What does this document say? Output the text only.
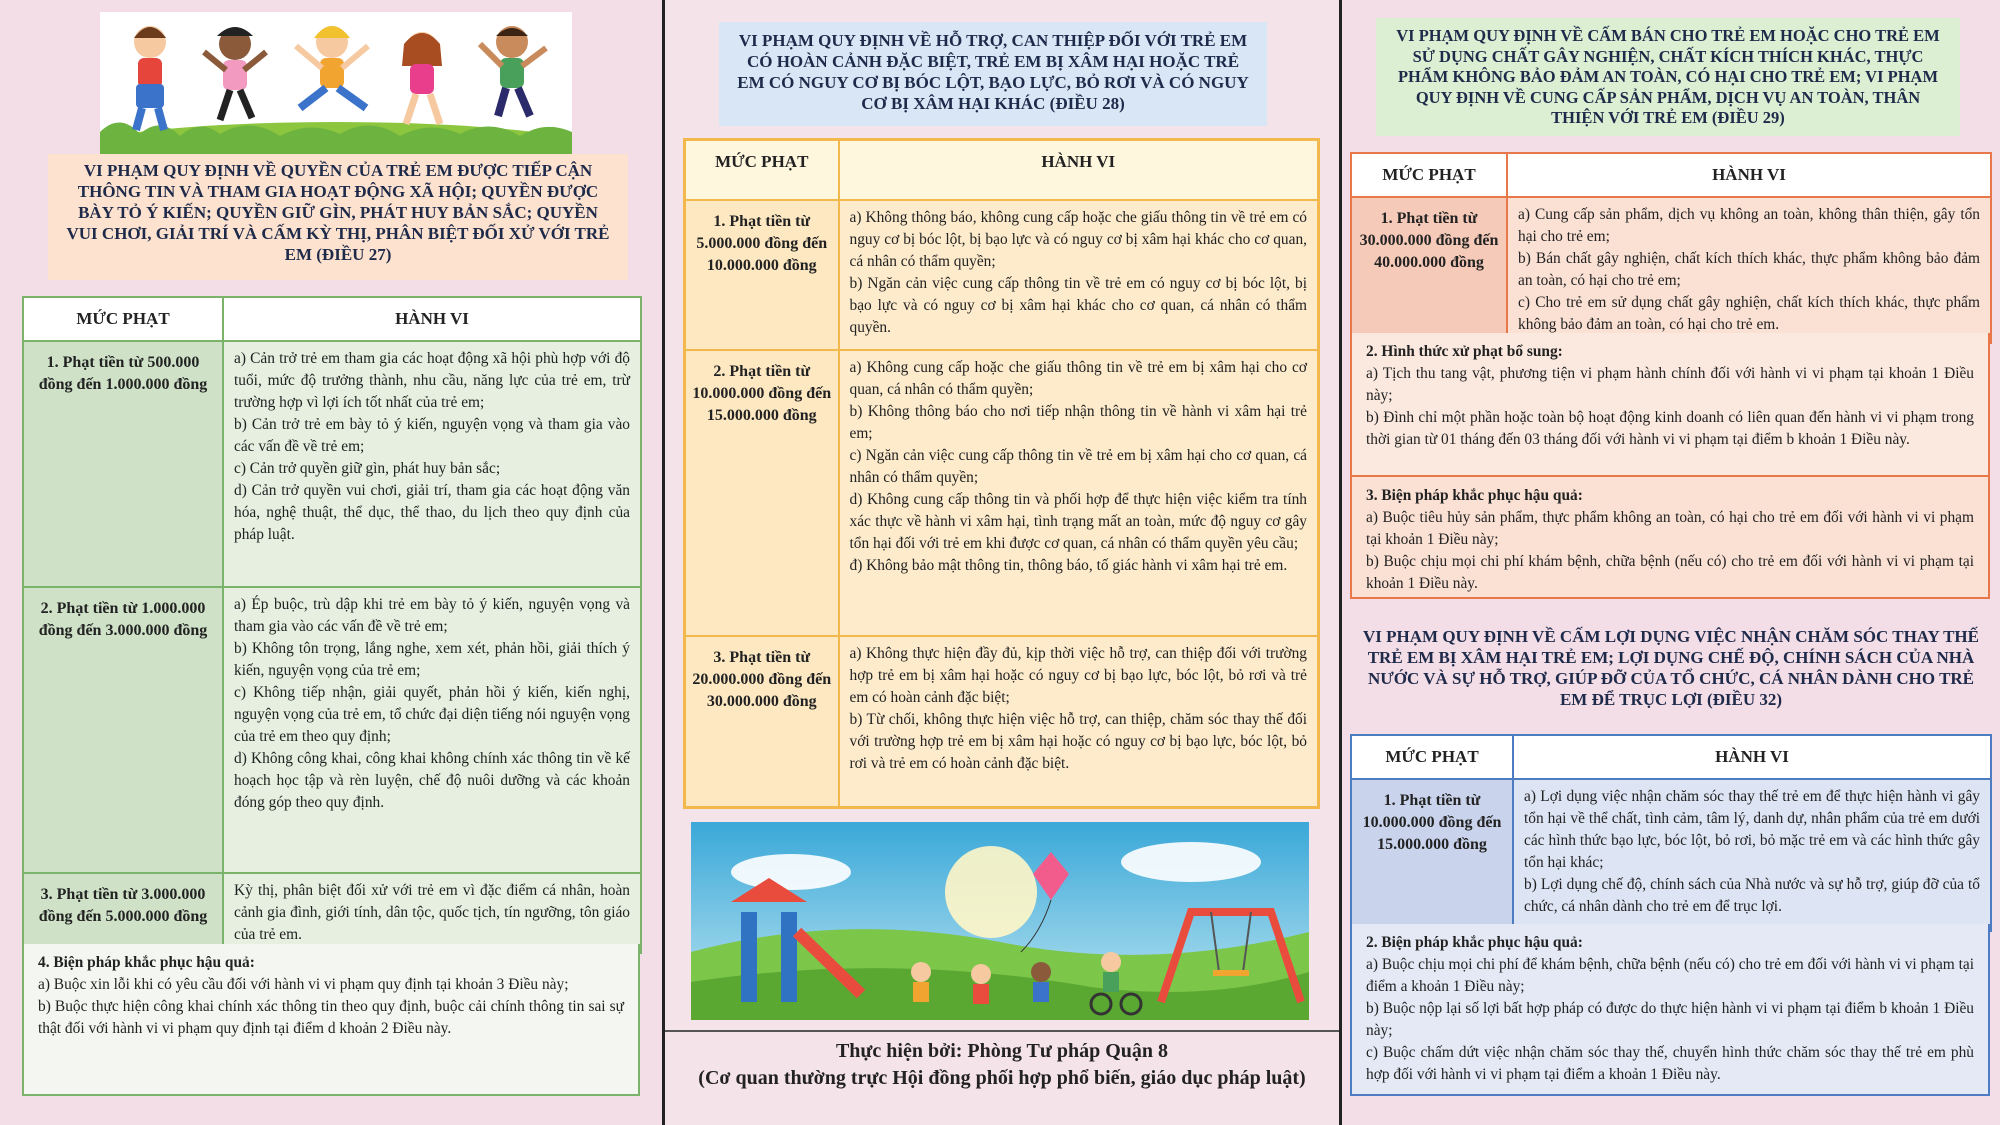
VI PHẠM QUY ĐỊNH VỀ QUYỀN CỦA TRẺ EM ĐƯỢC TIẾP CẬN THÔNG TIN VÀ THAM GIA HOẠT ĐỘNG XÃ HỘI; QUYỀN ĐƯỢC BÀY TỎ Ý KIẾN; QUYỀN GIỮ GÌN, PHÁT HUY BẢN SẮC; QUYỀN VUI CHƠI, GIẢI TRÍ VÀ CẤM KỲ THỊ, PHÂN BIỆT ĐỐI XỬ VỚI TRẺ EM (ĐIỀU 27)
MỨC PHẠT	HÀNH VI
1. Phạt tiền từ 500.000 đồng đến 1.000.000 đồng	a) Cản trở trẻ em tham gia các hoạt động xã hội phù hợp với độ tuổi, mức độ trưởng thành, nhu cầu, năng lực của trẻ em, trừ trường hợp vì lợi ích tốt nhất của trẻ em;

b) Cản trở trẻ em bày tỏ ý kiến, nguyện vọng và tham gia vào các vấn đề về trẻ em;

c) Cản trở quyền giữ gìn, phát huy bản sắc;

d) Cản trở quyền vui chơi, giải trí, tham gia các hoạt động văn hóa, nghệ thuật, thể dục, thể thao, du lịch theo quy định của pháp luật.

2. Phạt tiền từ 1.000.000 đồng đến 3.000.000 đồng	a) Ép buộc, trù dập khi trẻ em bày tỏ ý kiến, nguyện vọng và tham gia vào các vấn đề về trẻ em;

b) Không tôn trọng, lắng nghe, xem xét, phản hồi, giải thích ý kiến, nguyện vọng của trẻ em;

c) Không tiếp nhận, giải quyết, phản hồi ý kiến, kiến nghị, nguyện vọng của trẻ em, tổ chức đại diện tiếng nói nguyện vọng của trẻ em theo quy định;

d) Không công khai, công khai không chính xác thông tin về kế hoạch học tập và rèn luyện, chế độ nuôi dưỡng và các khoản đóng góp theo quy định.

3. Phạt tiền từ 3.000.000 đồng đến 5.000.000 đồng	Kỳ thị, phân biệt đối xử với trẻ em vì đặc điểm cá nhân, hoàn cảnh gia đình, giới tính, dân tộc, quốc tịch, tín ngưỡng, tôn giáo của trẻ em.

4. Biện pháp khắc phục hậu quả:

a) Buộc xin lỗi khi có yêu cầu đối với hành vi vi phạm quy định tại khoản 3 Điều này;

b) Buộc thực hiện công khai chính xác thông tin theo quy định, buộc cải chính thông tin sai sự thật đối với hành vi vi phạm quy định tại điểm d khoản 2 Điều này.

VI PHẠM QUY ĐỊNH VỀ HỖ TRỢ, CAN THIỆP ĐỐI VỚI TRẺ EM CÓ HOÀN CẢNH ĐẶC BIỆT, TRẺ EM BỊ XÂM HẠI HOẶC TRẺ EM CÓ NGUY CƠ BỊ BÓC LỘT, BẠO LỰC, BỎ RƠI VÀ CÓ NGUY CƠ BỊ XÂM HẠI KHÁC (ĐIỀU 28)
MỨC PHẠT	HÀNH VI
1. Phạt tiền từ 5.000.000 đồng đến 10.000.000 đồng	a) Không thông báo, không cung cấp hoặc che giấu thông tin về trẻ em có nguy cơ bị bóc lột, bị bạo lực và có nguy cơ bị xâm hại khác cho cơ quan, cá nhân có thẩm quyền;

b) Ngăn cản việc cung cấp thông tin về trẻ em có nguy cơ bị bóc lột, bị bạo lực và có nguy cơ bị xâm hại khác cho cơ quan, cá nhân có thẩm quyền.

2. Phạt tiền từ 10.000.000 đồng đến 15.000.000 đồng	a) Không cung cấp hoặc che giấu thông tin về trẻ em bị xâm hại cho cơ quan, cá nhân có thẩm quyền;

b) Không thông báo cho nơi tiếp nhận thông tin về hành vi xâm hại trẻ em;

c) Ngăn cản việc cung cấp thông tin về trẻ em bị xâm hại cho cơ quan, cá nhân có thẩm quyền;

d) Không cung cấp thông tin và phối hợp để thực hiện việc kiểm tra tính xác thực về hành vi xâm hại, tình trạng mất an toàn, mức độ nguy cơ gây tổn hại đối với trẻ em khi được cơ quan, cá nhân có thẩm quyền yêu cầu;

đ) Không bảo mật thông tin, thông báo, tố giác hành vi xâm hại trẻ em.

3. Phạt tiền từ 20.000.000 đồng đến 30.000.000 đồng	a) Không thực hiện đầy đủ, kịp thời việc hỗ trợ, can thiệp đối với trường hợp trẻ em bị xâm hại hoặc có nguy cơ bị bạo lực, bóc lột, bỏ rơi và trẻ em có hoàn cảnh đặc biệt;

b) Từ chối, không thực hiện việc hỗ trợ, can thiệp, chăm sóc thay thế đối với trường hợp trẻ em bị xâm hại hoặc có nguy cơ bị bạo lực, bóc lột, bỏ rơi và trẻ em có hoàn cảnh đặc biệt.

Thực hiện bởi: Phòng Tư pháp Quận 8
(Cơ quan thường trực Hội đồng phối hợp phổ biến, giáo dục pháp luật)
VI PHẠM QUY ĐỊNH VỀ CẤM BÁN CHO TRẺ EM HOẶC CHO TRẺ EM SỬ DỤNG CHẤT GÂY NGHIỆN, CHẤT KÍCH THÍCH KHÁC, THỰC PHẨM KHÔNG BẢO ĐẢM AN TOÀN, CÓ HẠI CHO TRẺ EM; VI PHẠM QUY ĐỊNH VỀ CUNG CẤP SẢN PHẨM, DỊCH VỤ AN TOÀN, THÂN THIỆN VỚI TRẺ EM (ĐIỀU 29)
MỨC PHẠT	HÀNH VI
1. Phạt tiền từ 30.000.000 đồng đến 40.000.000 đồng	a) Cung cấp sản phẩm, dịch vụ không an toàn, không thân thiện, gây tổn hại cho trẻ em;

b) Bán chất gây nghiện, chất kích thích khác, thực phẩm không bảo đảm an toàn, có hại cho trẻ em;

c) Cho trẻ em sử dụng chất gây nghiện, chất kích thích khác, thực phẩm không bảo đảm an toàn, có hại cho trẻ em.

2. Hình thức xử phạt bổ sung:

a) Tịch thu tang vật, phương tiện vi phạm hành chính đối với hành vi vi phạm tại khoản 1 Điều này;

b) Đình chỉ một phần hoặc toàn bộ hoạt động kinh doanh có liên quan đến hành vi vi phạm trong thời gian từ 01 tháng đến 03 tháng đối với hành vi vi phạm tại điểm b khoản 1 Điều này.

3. Biện pháp khắc phục hậu quả:

a) Buộc tiêu hủy sản phẩm, thực phẩm không an toàn, có hại cho trẻ em đối với hành vi vi phạm tại khoản 1 Điều này;

b) Buộc chịu mọi chi phí khám bệnh, chữa bệnh (nếu có) cho trẻ em đối với hành vi vi phạm tại khoản 1 Điều này.

VI PHẠM QUY ĐỊNH VỀ CẤM LỢI DỤNG VIỆC NHẬN CHĂM SÓC THAY THẾ TRẺ EM BỊ XÂM HẠI TRẺ EM; LỢI DỤNG CHẾ ĐỘ, CHÍNH SÁCH CỦA NHÀ NƯỚC VÀ SỰ HỖ TRỢ, GIÚP ĐỠ CỦA TỔ CHỨC, CÁ NHÂN DÀNH CHO TRẺ EM ĐỂ TRỤC LỢI (ĐIỀU 32)
MỨC PHẠT	HÀNH VI
1. Phạt tiền từ 10.000.000 đồng đến 15.000.000 đồng	a) Lợi dụng việc nhận chăm sóc thay thế trẻ em để thực hiện hành vi gây tổn hại về thể chất, tình cảm, tâm lý, danh dự, nhân phẩm của trẻ em dưới các hình thức bạo lực, bóc lột, bỏ rơi, bỏ mặc trẻ em và các hình thức gây tổn hại khác;

b) Lợi dụng chế độ, chính sách của Nhà nước và sự hỗ trợ, giúp đỡ của tổ chức, cá nhân dành cho trẻ em để trục lợi.

2. Biện pháp khắc phục hậu quả:

a) Buộc chịu mọi chi phí để khám bệnh, chữa bệnh (nếu có) cho trẻ em đối với hành vi vi phạm tại điểm a khoản 1 Điều này;

b) Buộc nộp lại số lợi bất hợp pháp có được do thực hiện hành vi vi phạm tại điểm b khoản 1 Điều này;

c) Buộc chấm dứt việc nhận chăm sóc thay thế, chuyển hình thức chăm sóc thay thế trẻ em phù hợp đối với hành vi vi phạm tại điểm a khoản 1 Điều này.
